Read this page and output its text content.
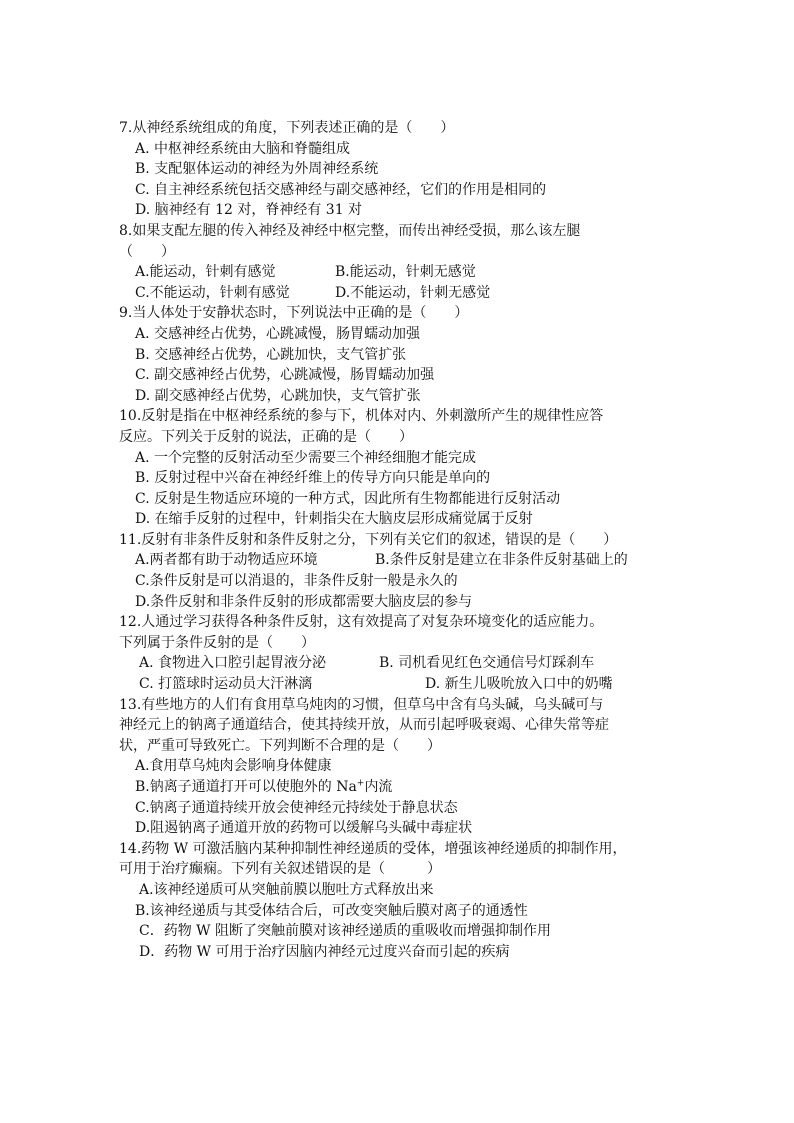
7.从神经系统组成的角度，下列表述正确的是（　　）
A. 中枢神经系统由大脑和脊髓组成
B. 支配躯体运动的神经为外周神经系统
C. 自主神经系统包括交感神经与副交感神经，它们的作用是相同的
D. 脑神经有 12 对，脊神经有 31 对
8.如果支配左腿的传入神经及神经中枢完整，而传出神经受损，那么该左腿
（　　）
A.能运动，针刺有感觉	B.能运动，针刺无感觉
C.不能运动，针刺有感觉	D.不能运动，针刺无感觉
9.当人体处于安静状态时，下列说法中正确的是（　　）
A. 交感神经占优势，心跳减慢，肠胃蠕动加强
B. 交感神经占优势，心跳加快，支气管扩张
C. 副交感神经占优势，心跳减慢，肠胃蠕动加强
D. 副交感神经占优势，心跳加快，支气管扩张
10.反射是指在中枢神经系统的参与下，机体对内、外刺激所产生的规律性应答
反应。下列关于反射的说法，正确的是（　　）
A. 一个完整的反射活动至少需要三个神经细胞才能完成
B. 反射过程中兴奋在神经纤维上的传导方向只能是单向的
C. 反射是生物适应环境的一种方式，因此所有生物都能进行反射活动
D. 在缩手反射的过程中，针刺指尖在大脑皮层形成痛觉属于反射
11.反射有非条件反射和条件反射之分，下列有关它们的叙述，错误的是（　　）
A.两者都有助于动物适应环境	B.条件反射是建立在非条件反射基础上的
C.条件反射是可以消退的，非条件反射一般是永久的
D.条件反射和非条件反射的形成都需要大脑皮层的参与
12.人通过学习获得各种条件反射，这有效提高了对复杂环境变化的适应能力。
下列属于条件反射的是（　　）
A. 食物进入口腔引起胃液分泌	B. 司机看见红色交通信号灯踩刹车
C. 打篮球时运动员大汗淋漓	D. 新生儿吸吮放入口中的奶嘴
13.有些地方的人们有食用草乌炖肉的习惯，但草乌中含有乌头碱，乌头碱可与
神经元上的钠离子通道结合，使其持续开放，从而引起呼吸衰竭、心律失常等症
状，严重可导致死亡。下列判断不合理的是（　　）
A.食用草乌炖肉会影响身体健康
B.钠离子通道打开可以使胞外的 Na+内流
C.钠离子通道持续开放会使神经元持续处于静息状态
D.阻遏钠离子通道开放的药物可以缓解乌头碱中毒症状
14.药物 W 可激活脑内某种抑制性神经递质的受体，增强该神经递质的抑制作用，
可用于治疗癫痫。下列有关叙述错误的是（　　　）
A.该神经递质可从突触前膜以胞吐方式释放出来
B.该神经递质与其受体结合后，可改变突触后膜对离子的通透性
C．药物 W 阻断了突触前膜对该神经递质的重吸收而增强抑制作用
D．药物 W 可用于治疗因脑内神经元过度兴奋而引起的疾病
